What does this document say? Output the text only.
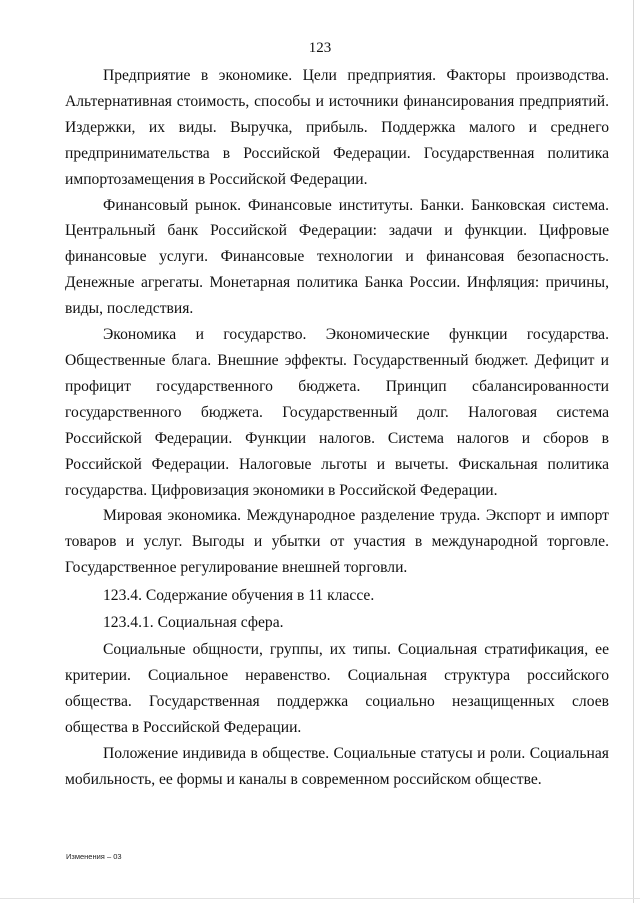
123

Предприятие в экономике. Цели предприятия. Факторы производства. Альтернативная стоимость, способы и источники финансирования предприятий. Издержки, их виды. Выручка, прибыль. Поддержка малого и среднего предпринимательства в Российской Федерации. Государственная политика импортозамещения в Российской Федерации.

Финансовый рынок. Финансовые институты. Банки. Банковская система. Центральный банк Российской Федерации: задачи и функции. Цифровые финансовые услуги. Финансовые технологии и финансовая безопасность. Денежные агрегаты. Монетарная политика Банка России. Инфляция: причины, виды, последствия.

Экономика и государство. Экономические функции государства. Общественные блага. Внешние эффекты. Государственный бюджет. Дефицит и профицит государственного бюджета. Принцип сбалансированности государственного бюджета. Государственный долг. Налоговая система Российской Федерации. Функции налогов. Система налогов и сборов в Российской Федерации. Налоговые льготы и вычеты. Фискальная политика государства. Цифровизация экономики в Российской Федерации.

Мировая экономика. Международное разделение труда. Экспорт и импорт товаров и услуг. Выгоды и убытки от участия в международной торговле. Государственное регулирование внешней торговли.

123.4. Содержание обучения в 11 классе.

123.4.1. Социальная сфера.

Социальные общности, группы, их типы. Социальная стратификация, ее критерии. Социальное неравенство. Социальная структура российского общества. Государственная поддержка социально незащищенных слоев общества в Российской Федерации.

Положение индивида в обществе. Социальные статусы и роли. Социальная мобильность, ее формы и каналы в современном российском обществе.

Изменения – 03
